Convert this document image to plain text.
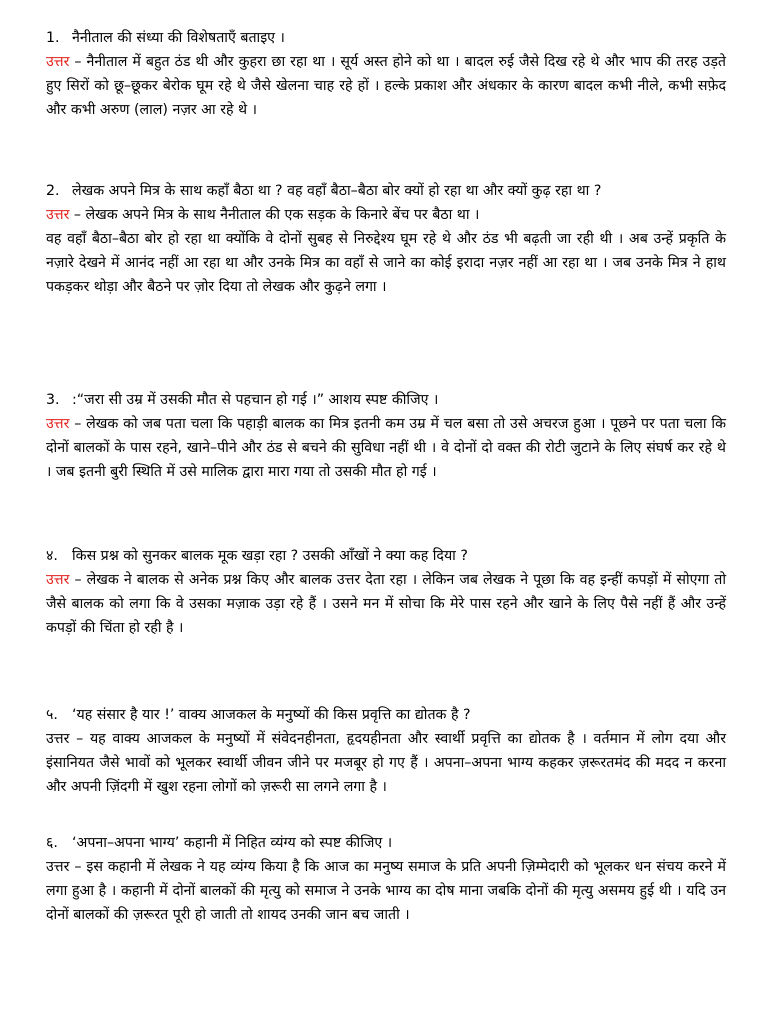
1. नैनीताल की संध्या की विशेषताएँ बताइए ।

उत्तर – नैनीताल में बहुत ठंड थी और कुहरा छा रहा था । सूर्य अस्त होने को था । बादल रुई जैसे दिख रहे थे और भाप की तरह उड़ते हुए सिरों को छू–छूकर बेरोक घूम रहे थे जैसे खेलना चाह रहे हों । हल्के प्रकाश और अंधकार के कारण बादल कभी नीले, कभी सफ़ेद और कभी अरुण (लाल) नज़र आ रहे थे ।

2. लेखक अपने मित्र के साथ कहाँ बैठा था ? वह वहाँ बैठा–बैठा बोर क्यों हो रहा था और क्यों कुढ़ रहा था ?

उत्तर – लेखक अपने मित्र के साथ नैनीताल की एक सड़क के किनारे बेंच पर बैठा था ।

वह वहाँ बैठा–बैठा बोर हो रहा था क्योंकि वे दोनों सुबह से निरुद्देश्य घूम रहे थे और ठंड भी बढ़ती जा रही थी । अब उन्हें प्रकृति के नज़ारे देखने में आनंद नहीं आ रहा था और उनके मित्र का वहाँ से जाने का कोई इरादा नज़र नहीं आ रहा था । जब उनके मित्र ने हाथ पकड़कर थोड़ा और बैठने पर ज़ोर दिया तो लेखक और कुढ़ने लगा ।

3. :“जरा सी उम्र में उसकी मौत से पहचान हो गई ।” आशय स्पष्ट कीजिए ।

उत्तर – लेखक को जब पता चला कि पहाड़ी बालक का मित्र इतनी कम उम्र में चल बसा तो उसे अचरज हुआ । पूछने पर पता चला कि दोनों बालकों के पास रहने, खाने–पीने और ठंड से बचने की सुविधा नहीं थी । वे दोनों दो वक्त की रोटी जुटाने के लिए संघर्ष कर रहे थे । जब इतनी बुरी स्थिति में उसे मालिक द्वारा मारा गया तो उसकी मौत हो गई ।

४. किस प्रश्न को सुनकर बालक मूक खड़ा रहा ? उसकी आँखों ने क्या कह दिया ?

उत्तर – लेखक ने बालक से अनेक प्रश्न किए और बालक उत्तर देता रहा । लेकिन जब लेखक ने पूछा कि वह इन्हीं कपड़ों में सोएगा तो जैसे बालक को लगा कि वे उसका मज़ाक उड़ा रहे हैं । उसने मन में सोचा कि मेरे पास रहने और खाने के लिए पैसे नहीं हैं और उन्हें कपड़ों की चिंता हो रही है ।

५. ‘यह संसार है यार !’ वाक्य आजकल के मनुष्यों की किस प्रवृत्ति का द्योतक है ?

उत्तर – यह वाक्य आजकल के मनुष्यों में संवेदनहीनता, हृदयहीनता और स्वार्थी प्रवृत्ति का द्योतक है । वर्तमान में लोग दया और इंसानियत जैसे भावों को भूलकर स्वार्थी जीवन जीने पर मजबूर हो गए हैं । अपना–अपना भाग्य कहकर ज़रूरतमंद की मदद न करना और अपनी ज़िंदगी में खुश रहना लोगों को ज़रूरी सा लगने लगा है ।

६. ‘अपना–अपना भाग्य’ कहानी में निहित व्यंग्य को स्पष्ट कीजिए ।

उत्तर – इस कहानी में लेखक ने यह व्यंग्य किया है कि आज का मनुष्य समाज के प्रति अपनी ज़िम्मेदारी को भूलकर धन संचय करने में लगा हुआ है । कहानी में दोनों बालकों की मृत्यु को समाज ने उनके भाग्य का दोष माना जबकि दोनों की मृत्यु असमय हुई थी । यदि उन दोनों बालकों की ज़रूरत पूरी हो जाती तो शायद उनकी जान बच जाती ।
